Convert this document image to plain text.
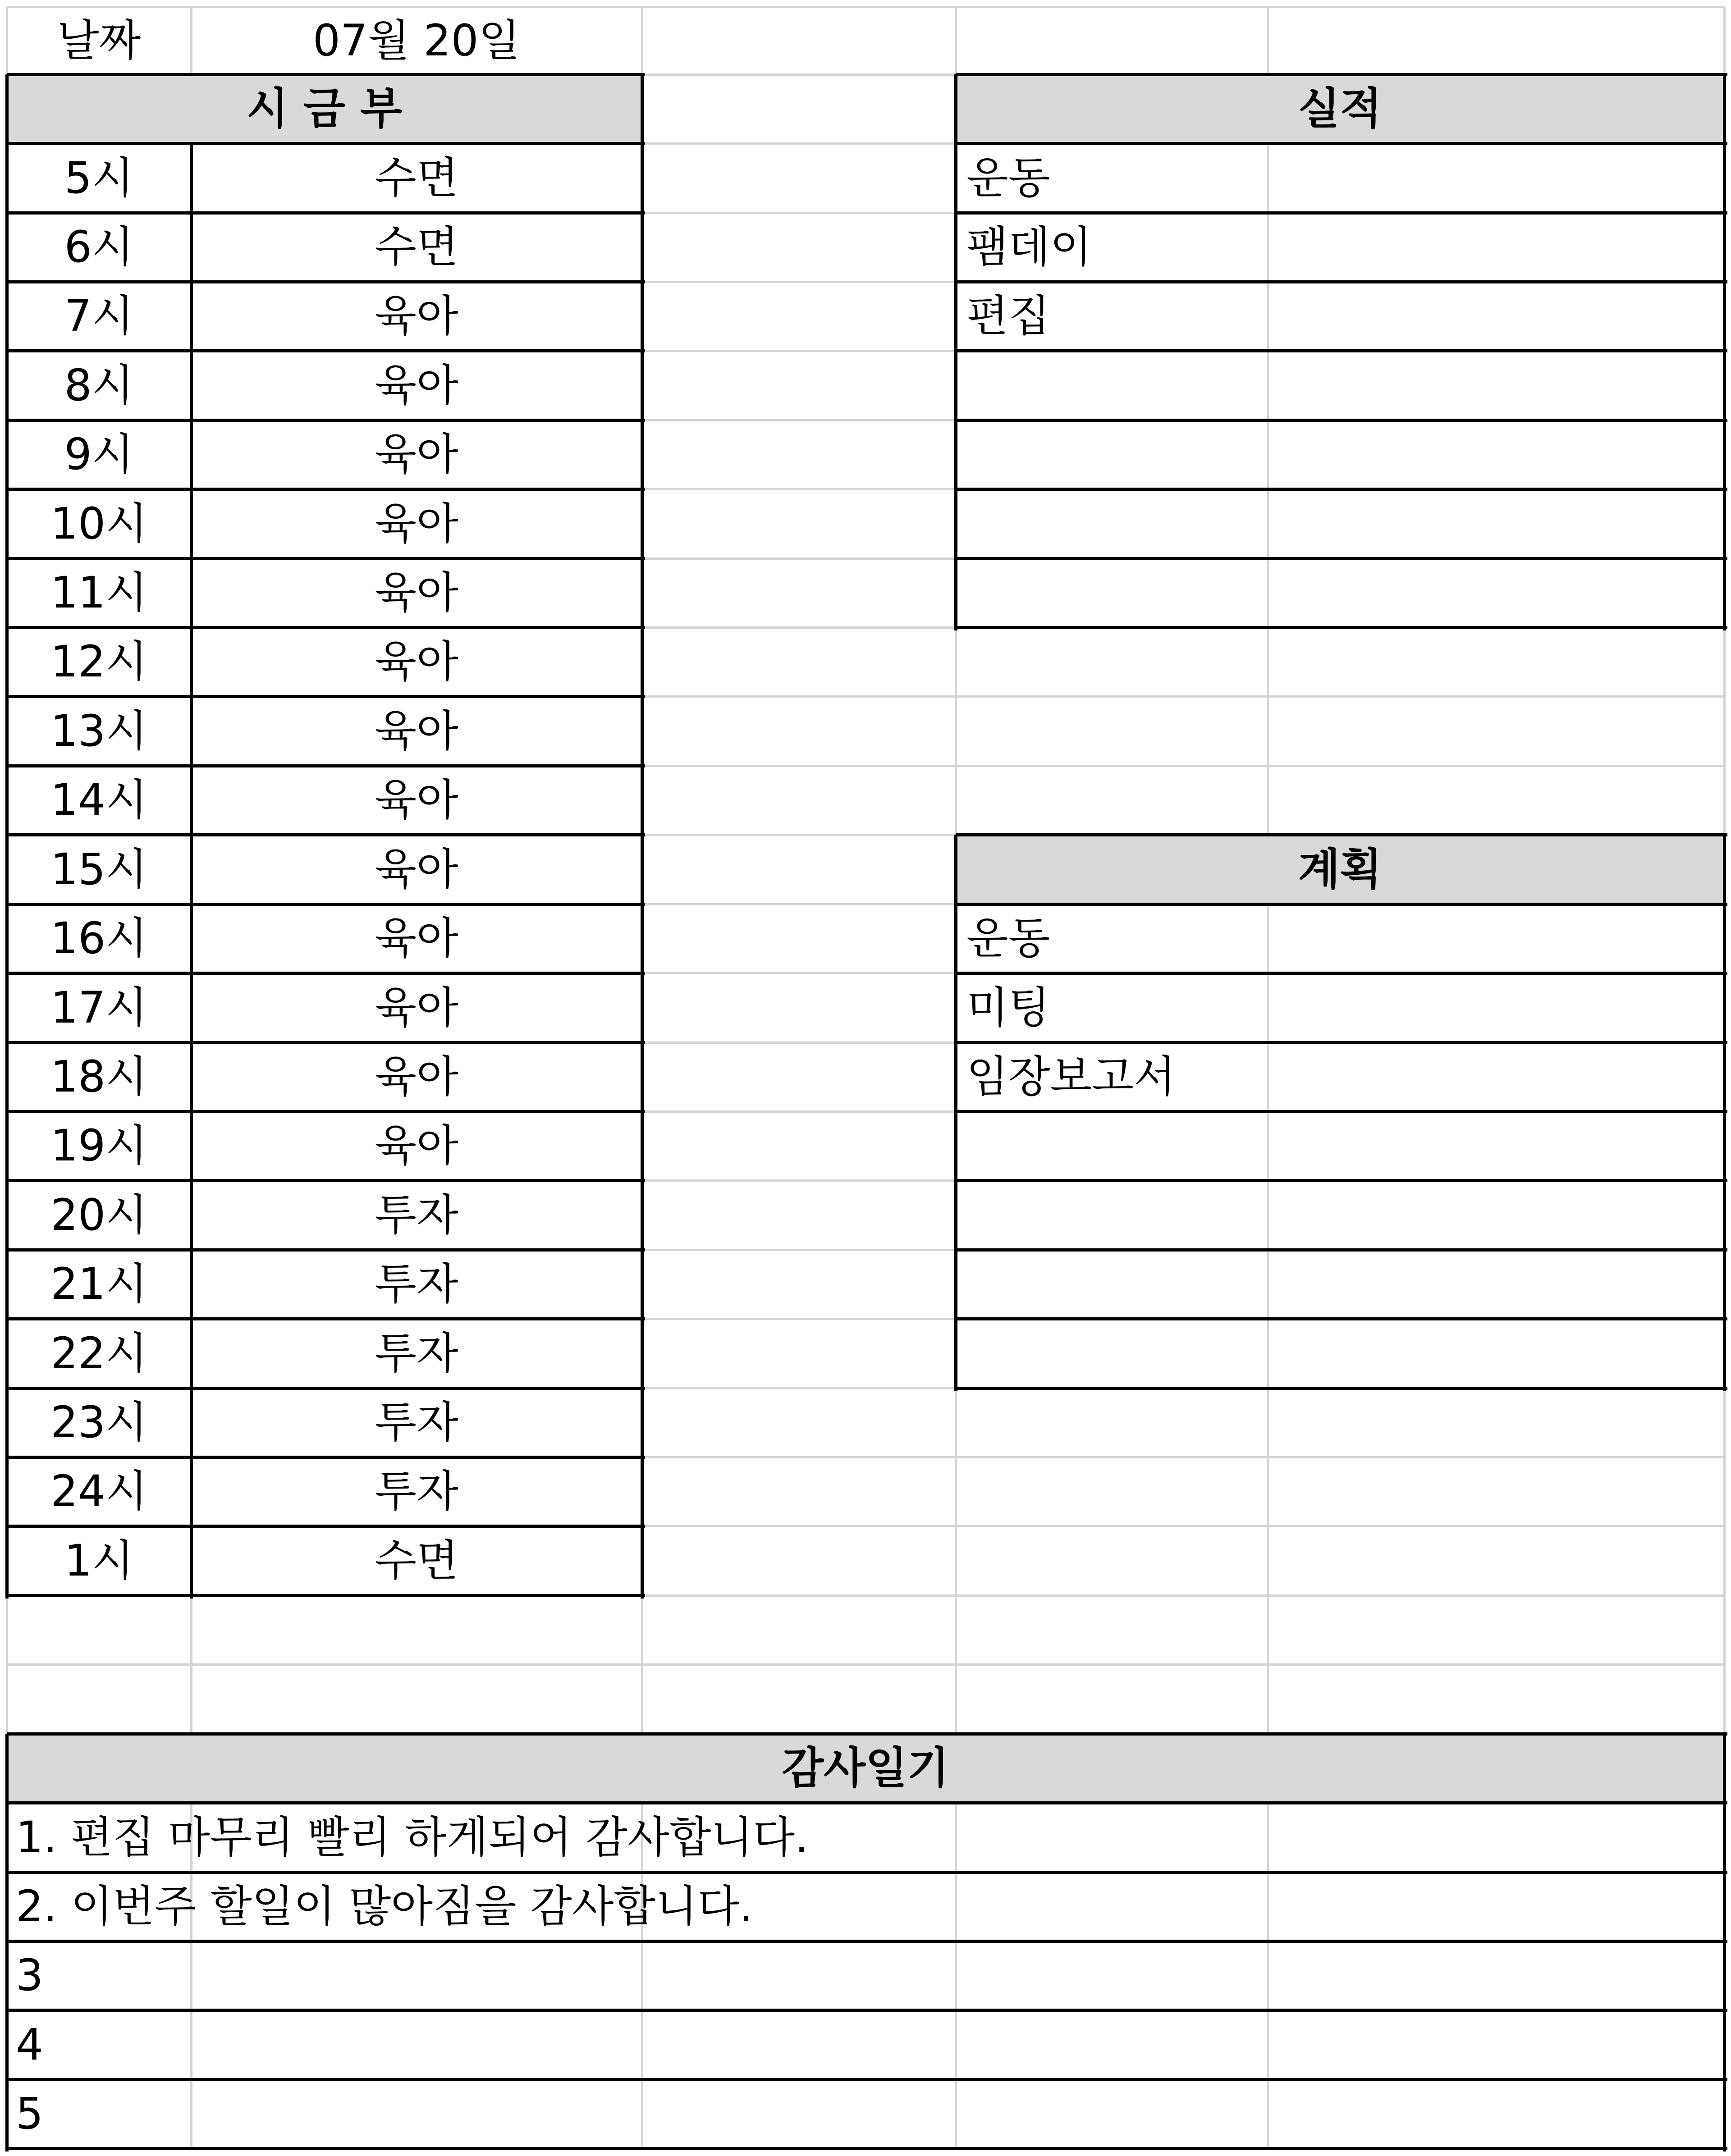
날짜	07월 20일
시 금 부
5시	수면
6시	수면
7시	육아
8시	육아
9시	육아
10시	육아
11시	육아
12시	육아
13시	육아
14시	육아
15시	육아
16시	육아
17시	육아
18시	육아
19시	육아
20시	투자
21시	투자
22시	투자
23시	투자
24시	투자
1시	수면
실적
운동
팸데이
편집
계획
운동
미팅
임장보고서
감사일기
1. 편집 마무리 빨리 하게되어 감사합니다.
2. 이번주 할일이 많아짐을 감사합니다.
3
4
5
